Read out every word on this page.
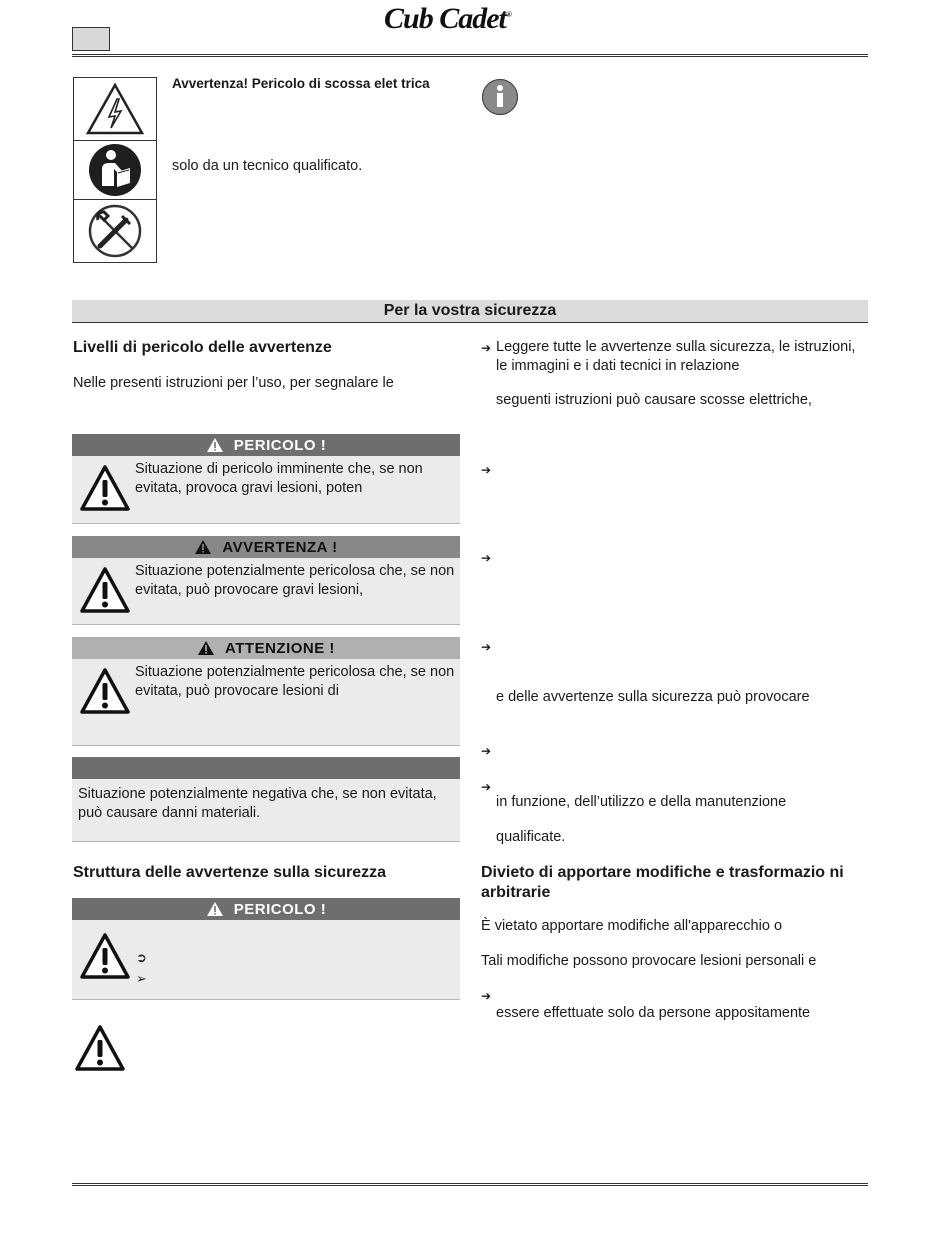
Cub Cadet®
Avvertenza! Pericolo di scossa elet trica
solo da un tecnico qualificato.
Per la vostra sicurezza
Livelli di pericolo delle avvertenze
Nelle presenti istruzioni per l’uso, per segnalare le
PERICOLO !
Situazione di pericolo imminente che, se non evitata, provoca gravi lesioni, poten
AVVERTENZA !
Situazione potenzialmente pericolosa che, se non evitata, può provocare gravi lesioni,
ATTENZIONE !
Situazione potenzialmente pericolosa che, se non evitata, può provocare lesioni di
Situazione potenzialmente negativa che, se non evitata, può causare danni materiali.
Struttura delle avvertenze sulla sicurezza
PERICOLO !
➲
➢
➔ Leggere tutte le avvertenze sulla sicurezza, le istruzioni, le immagini e i dati tecnici in relazione
seguenti istruzioni può causare scosse elettriche,
➔
➔
➔
e delle avvertenze sulla sicurezza può provocare
➔
➔
in funzione, dell’utilizzo e della manutenzione
qualificate.
Divieto di apportare modifiche e trasformazio ni arbitrarie
È vietato apportare modifiche all'apparecchio o
Tali modifiche possono provocare lesioni personali e
➔
essere effettuate solo da persone appositamente
